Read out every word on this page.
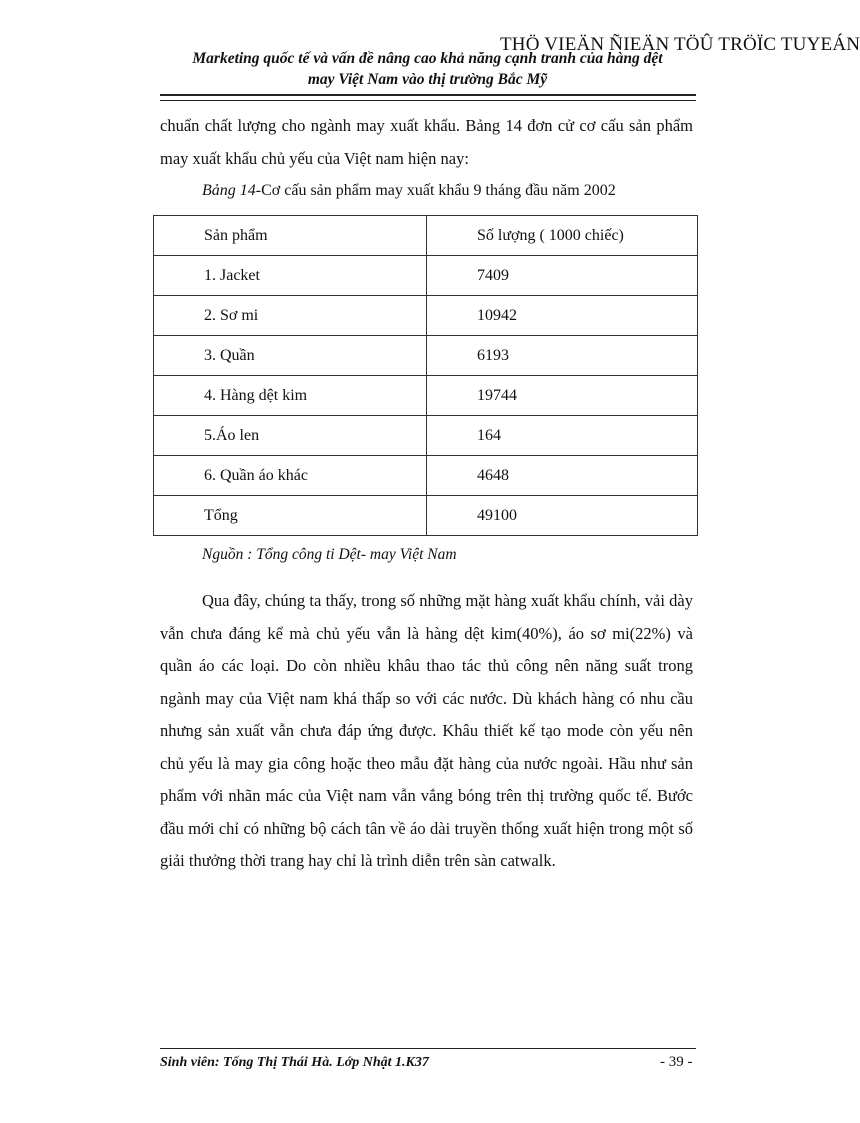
THÖ VIEÄN ÑIEÄN TÖÛ TRÖÏC TUYEÁN
Marketing quốc tế và vấn đề nâng cao khả năng cạnh tranh của hàng dệt
may Việt Nam vào thị trường Bắc Mỹ
chuẩn chất lượng cho ngành may xuất khẩu. Bảng 14 đơn cử cơ cấu sản phẩm may xuất khẩu chủ yếu của Việt nam hiện nay:
Bảng 14-Cơ cấu sản phẩm may xuất khẩu 9 tháng đầu năm 2002
Sản phẩm	Số lượng ( 1000 chiếc)
1. Jacket	7409
2. Sơ mi	10942
3. Quần	6193
4. Hàng dệt kim	19744
5.Áo len	164
6. Quần áo khác	4648
Tổng	49100
Nguồn : Tổng công ti Dệt- may Việt Nam
Qua đây, chúng ta thấy, trong số những mặt hàng xuất khẩu chính, vải dày vẫn chưa đáng kể mà chủ yếu vẫn là hàng dệt kim(40%), áo sơ mi(22%) và quần áo các loại. Do còn nhiều khâu thao tác thủ công nên năng suất trong ngành may của Việt nam khá thấp so với các nước. Dù khách hàng có nhu cầu nhưng sản xuất vẫn chưa đáp ứng được. Khâu thiết kế tạo mode còn yếu nên chủ yếu là may gia công hoặc theo mẫu đặt hàng của nước ngoài. Hầu như sản phẩm với nhãn mác của Việt nam vẫn vắng bóng trên thị trường quốc tế. Bước đầu mới chỉ có những bộ cách tân về áo dài truyền thống xuất hiện trong một số giải thưởng thời trang hay chỉ là trình diễn trên sàn catwalk.
Sinh viên: Tống Thị Thái Hà. Lớp Nhật 1.K37	- 39 -
